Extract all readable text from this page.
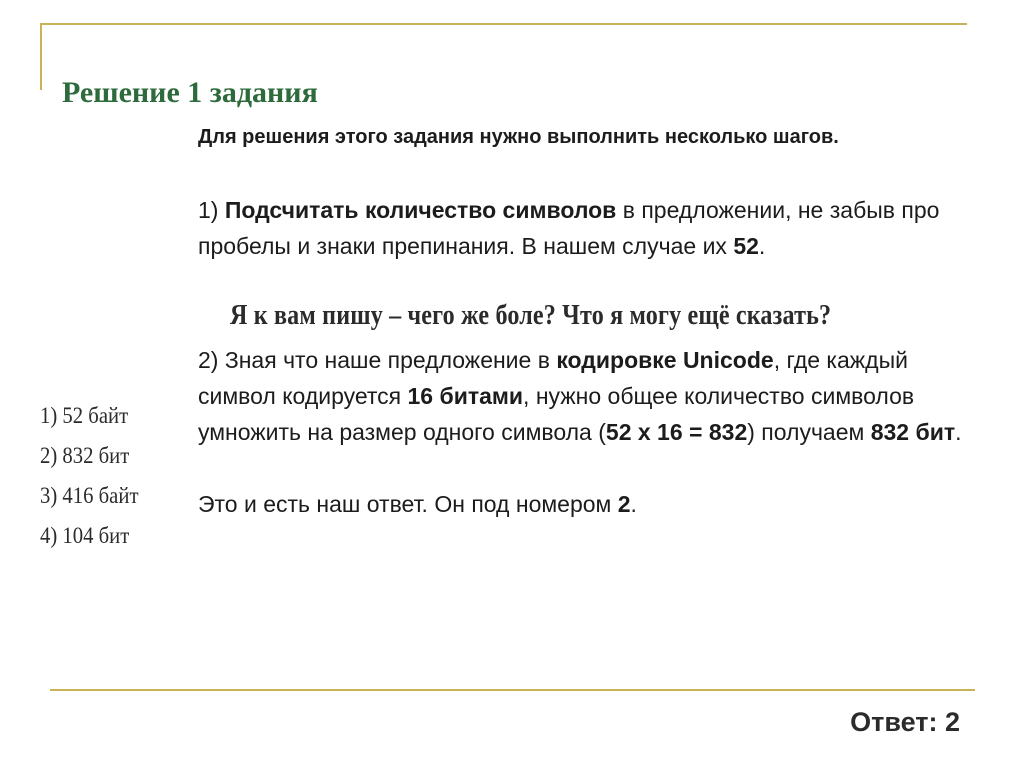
Решение 1 задания

Для решения этого задания нужно выполнить несколько шагов.

1) Подсчитать количество символов в предложении, не забыв про пробелы и знаки препинания. В нашем случае их 52.

Я к вам пишу – чего же боле? Что я могу ещё сказать?

2) Зная что наше предложение в кодировке Unicode, где каждый символ кодируется 16 битами, нужно общее количество символов умножить на размер одного символа (52 x 16 = 832) получаем 832 бит.

Это и есть наш ответ. Он под номером 2.

1) 52 байт
2) 832 бит
3) 416 байт
4) 104 бит

Ответ: 2
